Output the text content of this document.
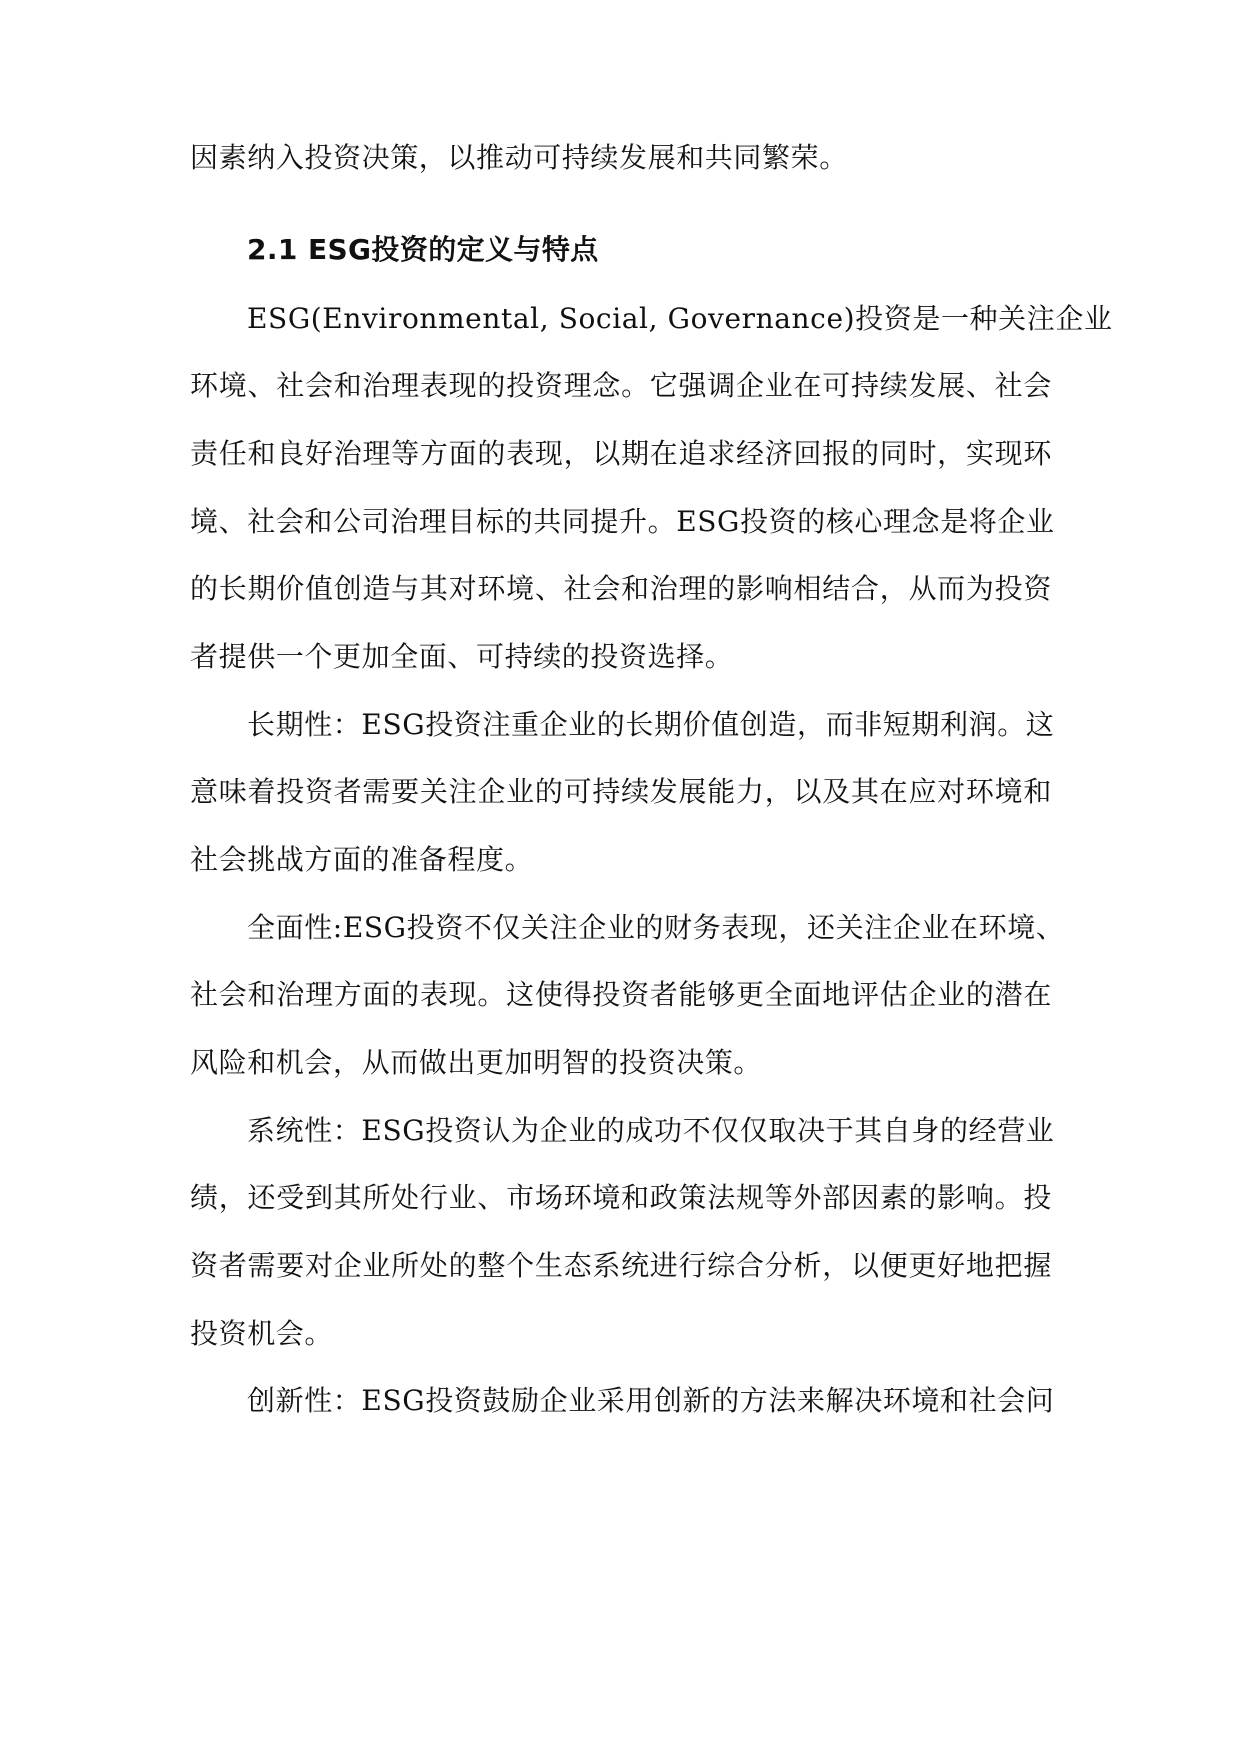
因素纳入投资决策，以推动可持续发展和共同繁荣。
2.1 ESG投资的定义与特点
ESG(Environmental, Social, Governance)投资是一种关注企业
环境、社会和治理表现的投资理念。它强调企业在可持续发展、社会
责任和良好治理等方面的表现，以期在追求经济回报的同时，实现环
境、社会和公司治理目标的共同提升。ESG投资的核心理念是将企业
的长期价值创造与其对环境、社会和治理的影响相结合，从而为投资
者提供一个更加全面、可持续的投资选择。
长期性：ESG投资注重企业的长期价值创造，而非短期利润。这
意味着投资者需要关注企业的可持续发展能力，以及其在应对环境和
社会挑战方面的准备程度。
全面性:ESG投资不仅关注企业的财务表现，还关注企业在环境、
社会和治理方面的表现。这使得投资者能够更全面地评估企业的潜在
风险和机会，从而做出更加明智的投资决策。
系统性：ESG投资认为企业的成功不仅仅取决于其自身的经营业
绩，还受到其所处行业、市场环境和政策法规等外部因素的影响。投
资者需要对企业所处的整个生态系统进行综合分析，以便更好地把握
投资机会。
创新性：ESG投资鼓励企业采用创新的方法来解决环境和社会问
